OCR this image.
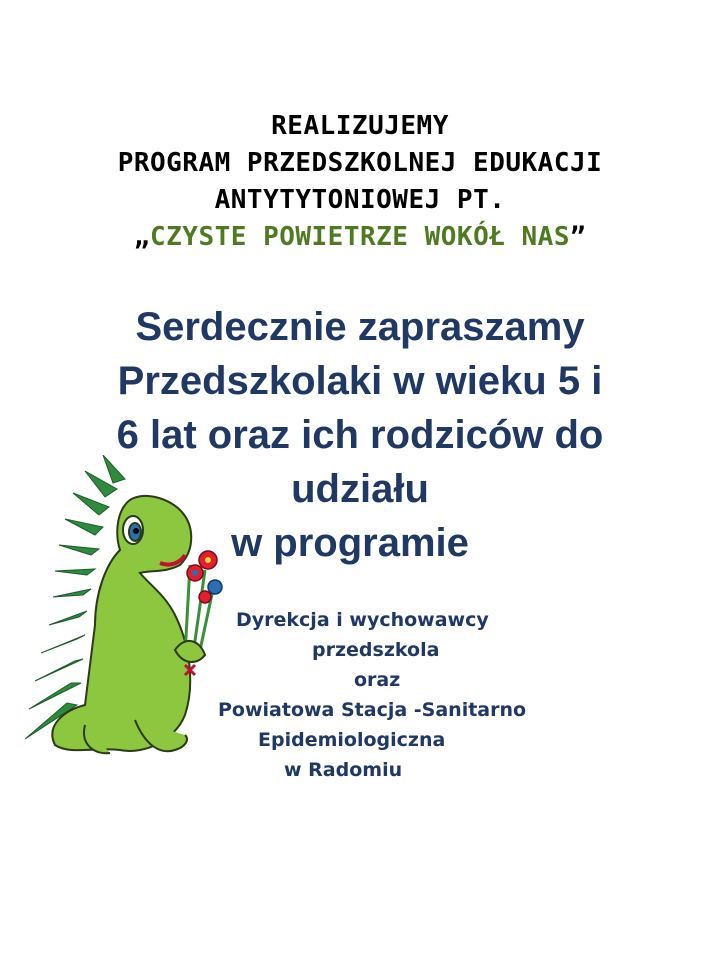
REALIZUJEMY
PROGRAM PRZEDSZKOLNEJ EDUKACJI
ANTYTYTONIOWEJ PT.
„CZYSTE POWIETRZE WOKÓŁ NAS”
Serdecznie zapraszamy
Przedszkolaki w wieku 5 i
6 lat oraz ich rodziców do
udziału
w programie
Dyrekcja i wychowawcy
przedszkola
oraz
Powiatowa Stacja -Sanitarno
Epidemiologiczna
w Radomiu
